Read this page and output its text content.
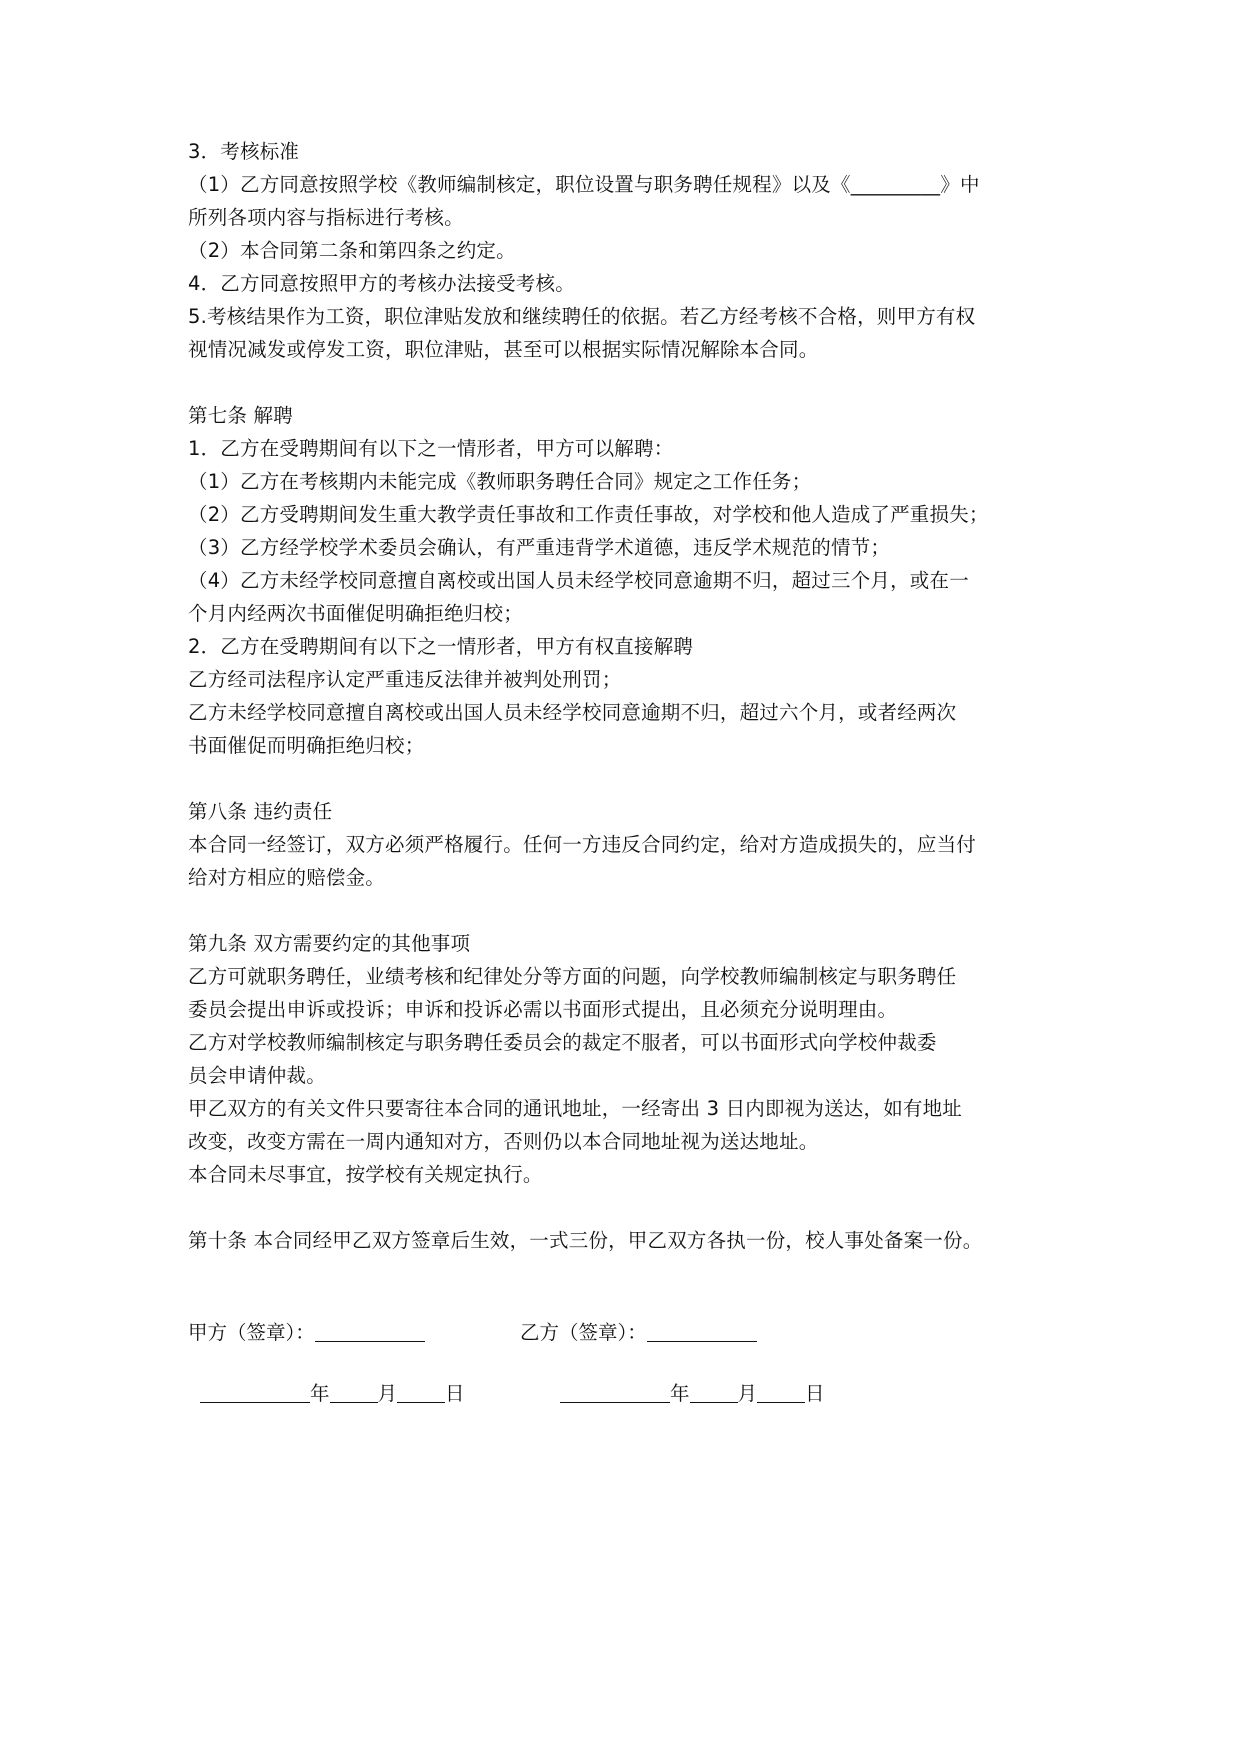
3．考核标准
（1）乙方同意按照学校《教师编制核定，职位设置与职务聘任规程》以及《_________》中
所列各项内容与指标进行考核。
（2）本合同第二条和第四条之约定。
4．乙方同意按照甲方的考核办法接受考核。
5.考核结果作为工资，职位津贴发放和继续聘任的依据。若乙方经考核不合格，则甲方有权
视情况减发或停发工资，职位津贴，甚至可以根据实际情况解除本合同。
第七条 解聘
1．乙方在受聘期间有以下之一情形者，甲方可以解聘：
（1）乙方在考核期内未能完成《教师职务聘任合同》规定之工作任务；
（2）乙方受聘期间发生重大教学责任事故和工作责任事故，对学校和他人造成了严重损失；
（3）乙方经学校学术委员会确认，有严重违背学术道德，违反学术规范的情节；
（4）乙方未经学校同意擅自离校或出国人员未经学校同意逾期不归，超过三个月，或在一
个月内经两次书面催促明确拒绝归校；
2．乙方在受聘期间有以下之一情形者，甲方有权直接解聘
乙方经司法程序认定严重违反法律并被判处刑罚；
乙方未经学校同意擅自离校或出国人员未经学校同意逾期不归，超过六个月，或者经两次
书面催促而明确拒绝归校；
第八条 违约责任
本合同一经签订，双方必须严格履行。任何一方违反合同约定，给对方造成损失的，应当付
给对方相应的赔偿金。
第九条 双方需要约定的其他事项
乙方可就职务聘任，业绩考核和纪律处分等方面的问题，向学校教师编制核定与职务聘任
委员会提出申诉或投诉；申诉和投诉必需以书面形式提出，且必须充分说明理由。
乙方对学校教师编制核定与职务聘任委员会的裁定不服者，可以书面形式向学校仲裁委
员会申请仲裁。
甲乙双方的有关文件只要寄往本合同的通讯地址，一经寄出 3 日内即视为送达，如有地址
改变，改变方需在一周内通知对方，否则仍以本合同地址视为送达地址。
本合同未尽事宜，按学校有关规定执行。
第十条 本合同经甲乙双方签章后生效，一式三份，甲乙双方各执一份，校人事处备案一份。
甲方（签章）：	乙方（签章）：
年 月 日	年 月 日
